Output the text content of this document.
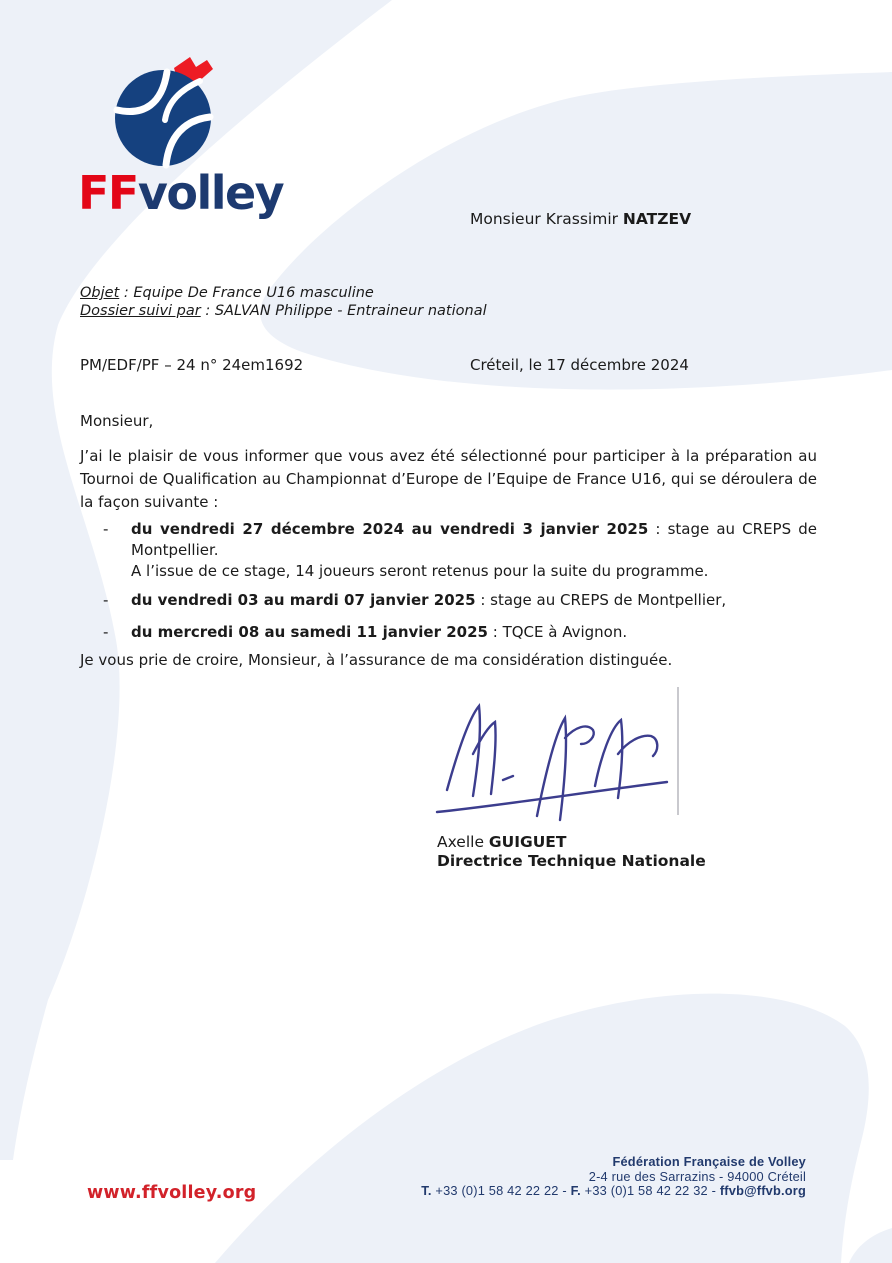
FFvolley	Monsieur Krassimir NATZEV
Objet : Equipe De France U16 masculine
Dossier suivi par : SALVAN Philippe - Entraineur national
PM/EDF/PF – 24 n° 24em1692	Créteil, le 17 décembre 2024
Monsieur,
J’ai le plaisir de vous informer que vous avez été sélectionné pour participer à la préparation au Tournoi de Qualification au Championnat d’Europe de l’Equipe de France U16, qui se déroulera de la façon suivante :
- du vendredi 27 décembre 2024 au vendredi 3 janvier 2025 : stage au CREPS de Montpellier.
A l’issue de ce stage, 14 joueurs seront retenus pour la suite du programme.
- du vendredi 03 au mardi 07 janvier 2025 : stage au CREPS de Montpellier,
- du mercredi 08 au samedi 11 janvier 2025 : TQCE à Avignon.
Je vous prie de croire, Monsieur, à l’assurance de ma considération distinguée.
Axelle GUIGUET
Directrice Technique Nationale
www.ffvolley.org
Fédération Française de Volley
2-4 rue des Sarrazins - 94000 Créteil
T. +33 (0)1 58 42 22 22 - F. +33 (0)1 58 42 22 32 - ffvb@ffvb.org
